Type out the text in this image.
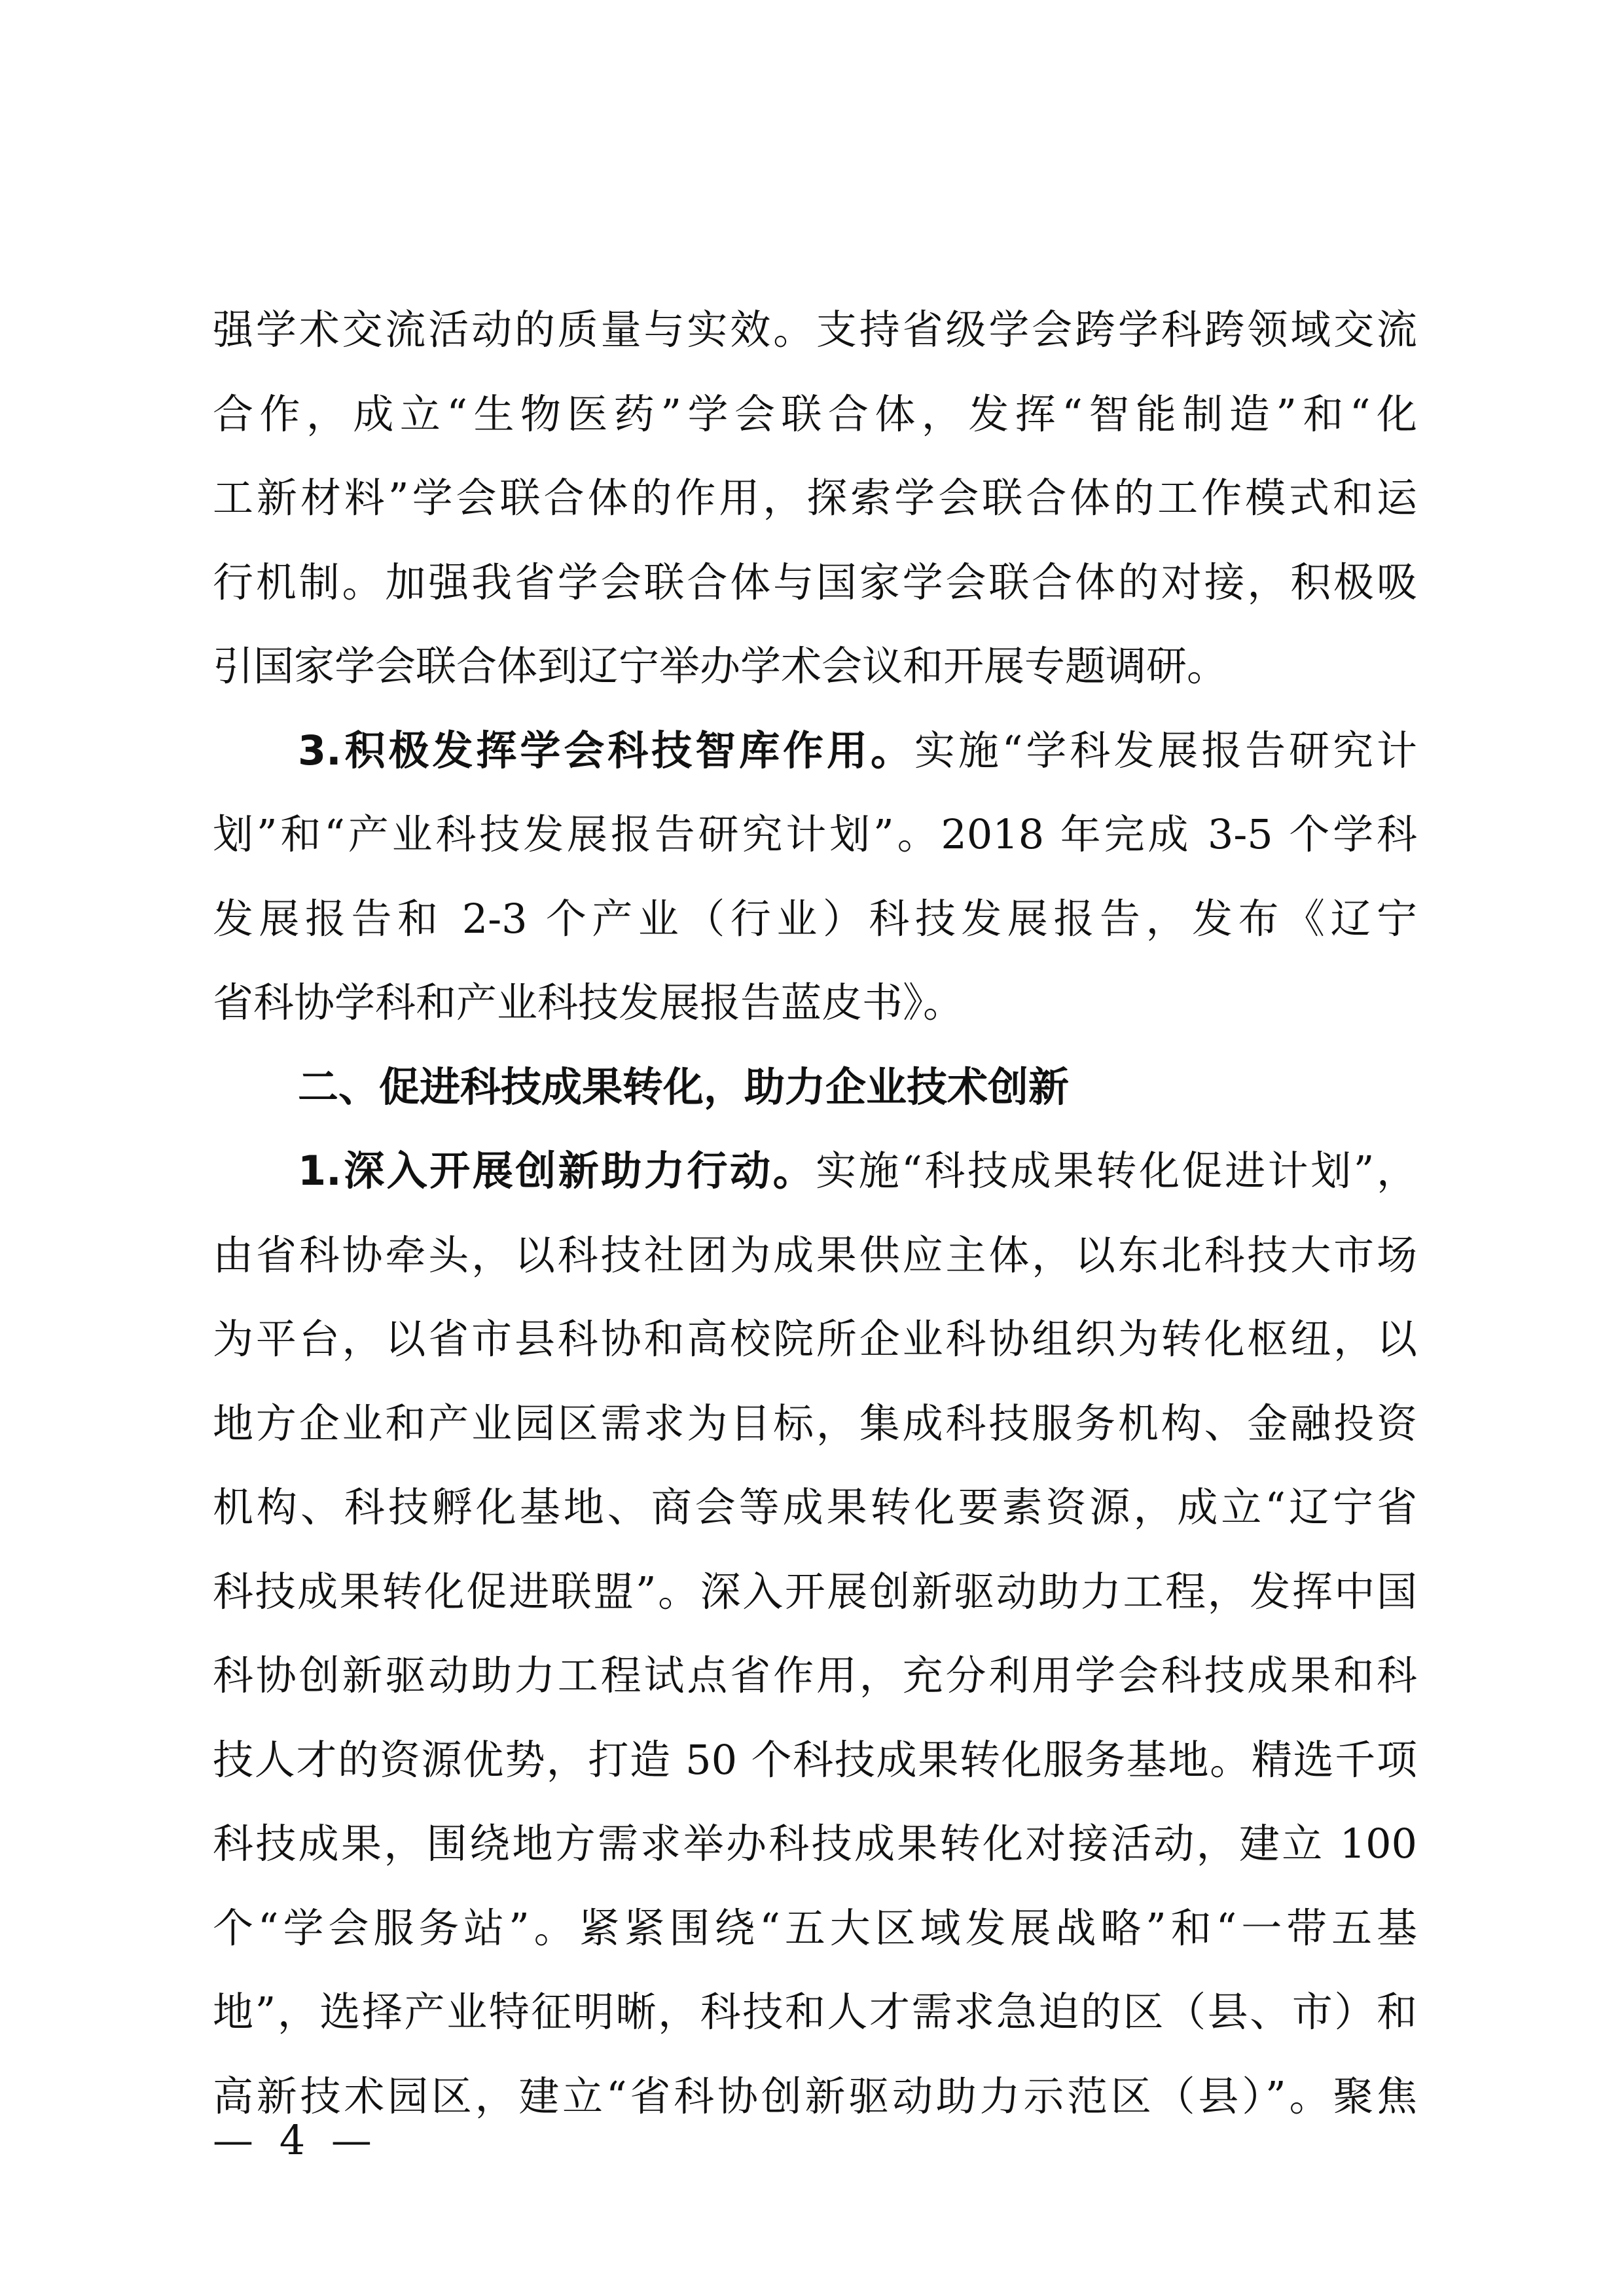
强学术交流活动的质量与实效。支持省级学会跨学科跨领域交流
合作，成立“生物医药”学会联合体，发挥“智能制造”和“化
工新材料”学会联合体的作用，探索学会联合体的工作模式和运
行机制。加强我省学会联合体与国家学会联合体的对接，积极吸
引国家学会联合体到辽宁举办学术会议和开展专题调研。
3.积极发挥学会科技智库作用。实施“学科发展报告研究计
划”和“产业科技发展报告研究计划”。2018 年完成 3-5 个学科
发展报告和 2-3 个产业（行业）科技发展报告，发布《辽宁
省科协学科和产业科技发展报告蓝皮书》。
二、促进科技成果转化，助力企业技术创新
1.深入开展创新助力行动。实施“科技成果转化促进计划”，
由省科协牵头，以科技社团为成果供应主体，以东北科技大市场
为平台，以省市县科协和高校院所企业科协组织为转化枢纽，以
地方企业和产业园区需求为目标，集成科技服务机构、金融投资
机构、科技孵化基地、商会等成果转化要素资源，成立“辽宁省
科技成果转化促进联盟”。深入开展创新驱动助力工程，发挥中国
科协创新驱动助力工程试点省作用，充分利用学会科技成果和科
技人才的资源优势，打造 50 个科技成果转化服务基地。精选千项
科技成果，围绕地方需求举办科技成果转化对接活动，建立 100
个“学会服务站”。紧紧围绕“五大区域发展战略”和“一带五基
地”，选择产业特征明晰，科技和人才需求急迫的区（县、市）和
高新技术园区，建立“省科协创新驱动助力示范区（县）”。聚焦
— 4 —
